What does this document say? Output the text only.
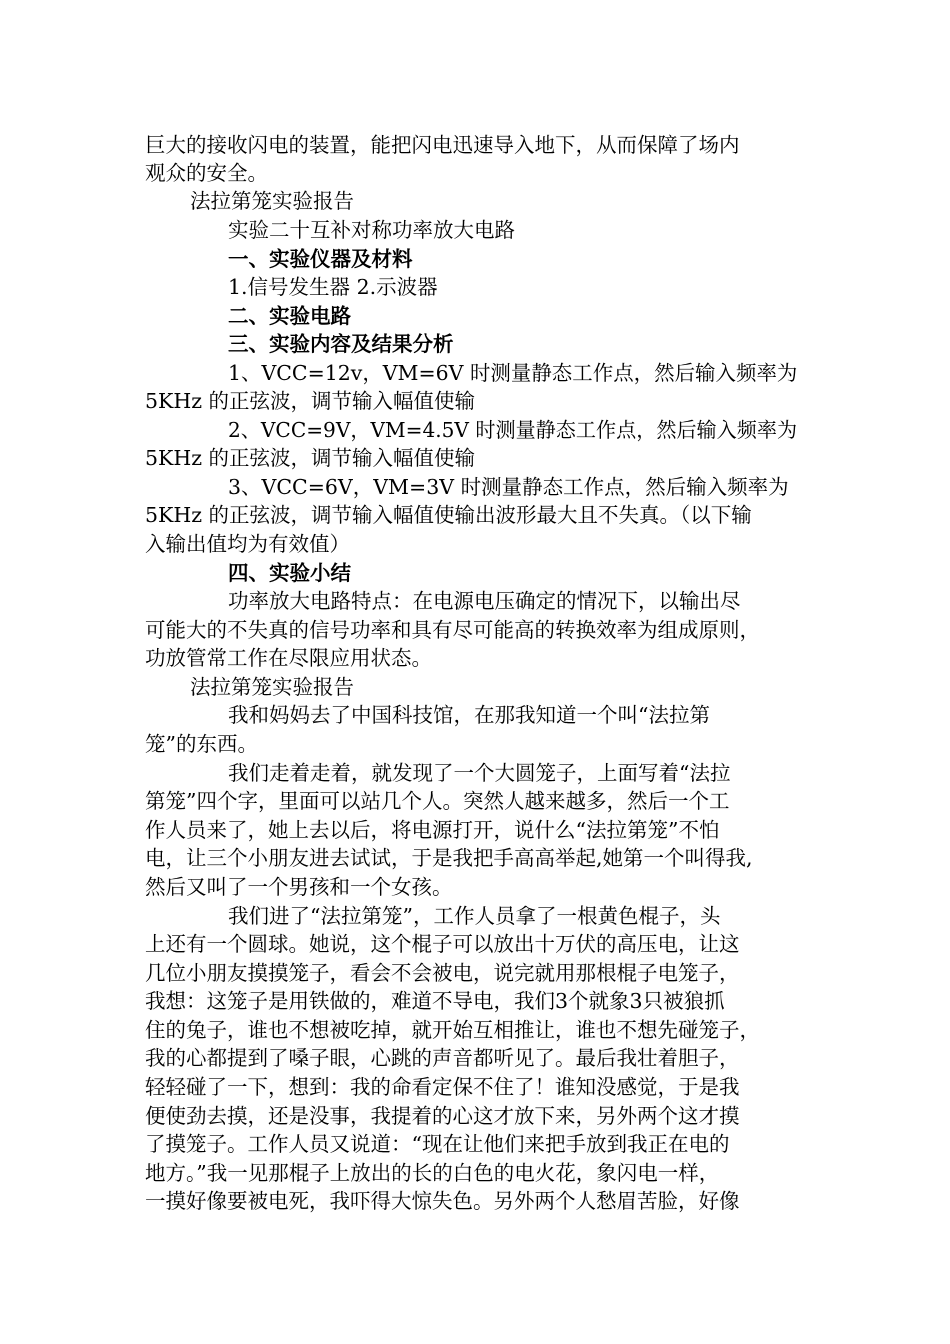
巨大的接收闪电的装置，能把闪电迅速导入地下，从而保障了场内
观众的安全。
法拉第笼实验报告
实验二十互补对称功率放大电路
一、实验仪器及材料
1.信号发生器 2.示波器
二、实验电路
三、实验内容及结果分析
1、VCC=12v，VM=6V 时测量静态工作点，然后输入频率为
5KHz 的正弦波，调节输入幅值使输
2、VCC=9V，VM=4.5V 时测量静态工作点，然后输入频率为
5KHz 的正弦波，调节输入幅值使输
3、VCC=6V，VM=3V 时测量静态工作点，然后输入频率为
5KHz 的正弦波，调节输入幅值使输出波形最大且不失真。（以下输
入输出值均为有效值）
四、实验小结
功率放大电路特点：在电源电压确定的情况下，以输出尽
可能大的不失真的信号功率和具有尽可能高的转换效率为组成原则，
功放管常工作在尽限应用状态。
法拉第笼实验报告
我和妈妈去了中国科技馆，在那我知道一个叫“法拉第
笼”的东西。
我们走着走着，就发现了一个大圆笼子，上面写着“法拉
第笼”四个字，里面可以站几个人。突然人越来越多，然后一个工
作人员来了，她上去以后，将电源打开，说什么“法拉第笼”不怕
电，让三个小朋友进去试试，于是我把手高高举起,她第一个叫得我,
然后又叫了一个男孩和一个女孩。
我们进了“法拉第笼”，工作人员拿了一根黄色棍子，头
上还有一个圆球。她说，这个棍子可以放出十万伏的高压电，让这
几位小朋友摸摸笼子，看会不会被电，说完就用那根棍子电笼子，
我想：这笼子是用铁做的，难道不导电，我们3个就象3只被狼抓
住的兔子，谁也不想被吃掉，就开始互相推让，谁也不想先碰笼子，
我的心都提到了嗓子眼，心跳的声音都听见了。最后我壮着胆子，
轻轻碰了一下，想到：我的命看定保不住了！谁知没感觉，于是我
便使劲去摸，还是没事，我提着的心这才放下来，另外两个这才摸
了摸笼子。工作人员又说道：“现在让他们来把手放到我正在电的
地方。”我一见那棍子上放出的长的白色的电火花，象闪电一样，
一摸好像要被电死，我吓得大惊失色。另外两个人愁眉苦脸，好像
